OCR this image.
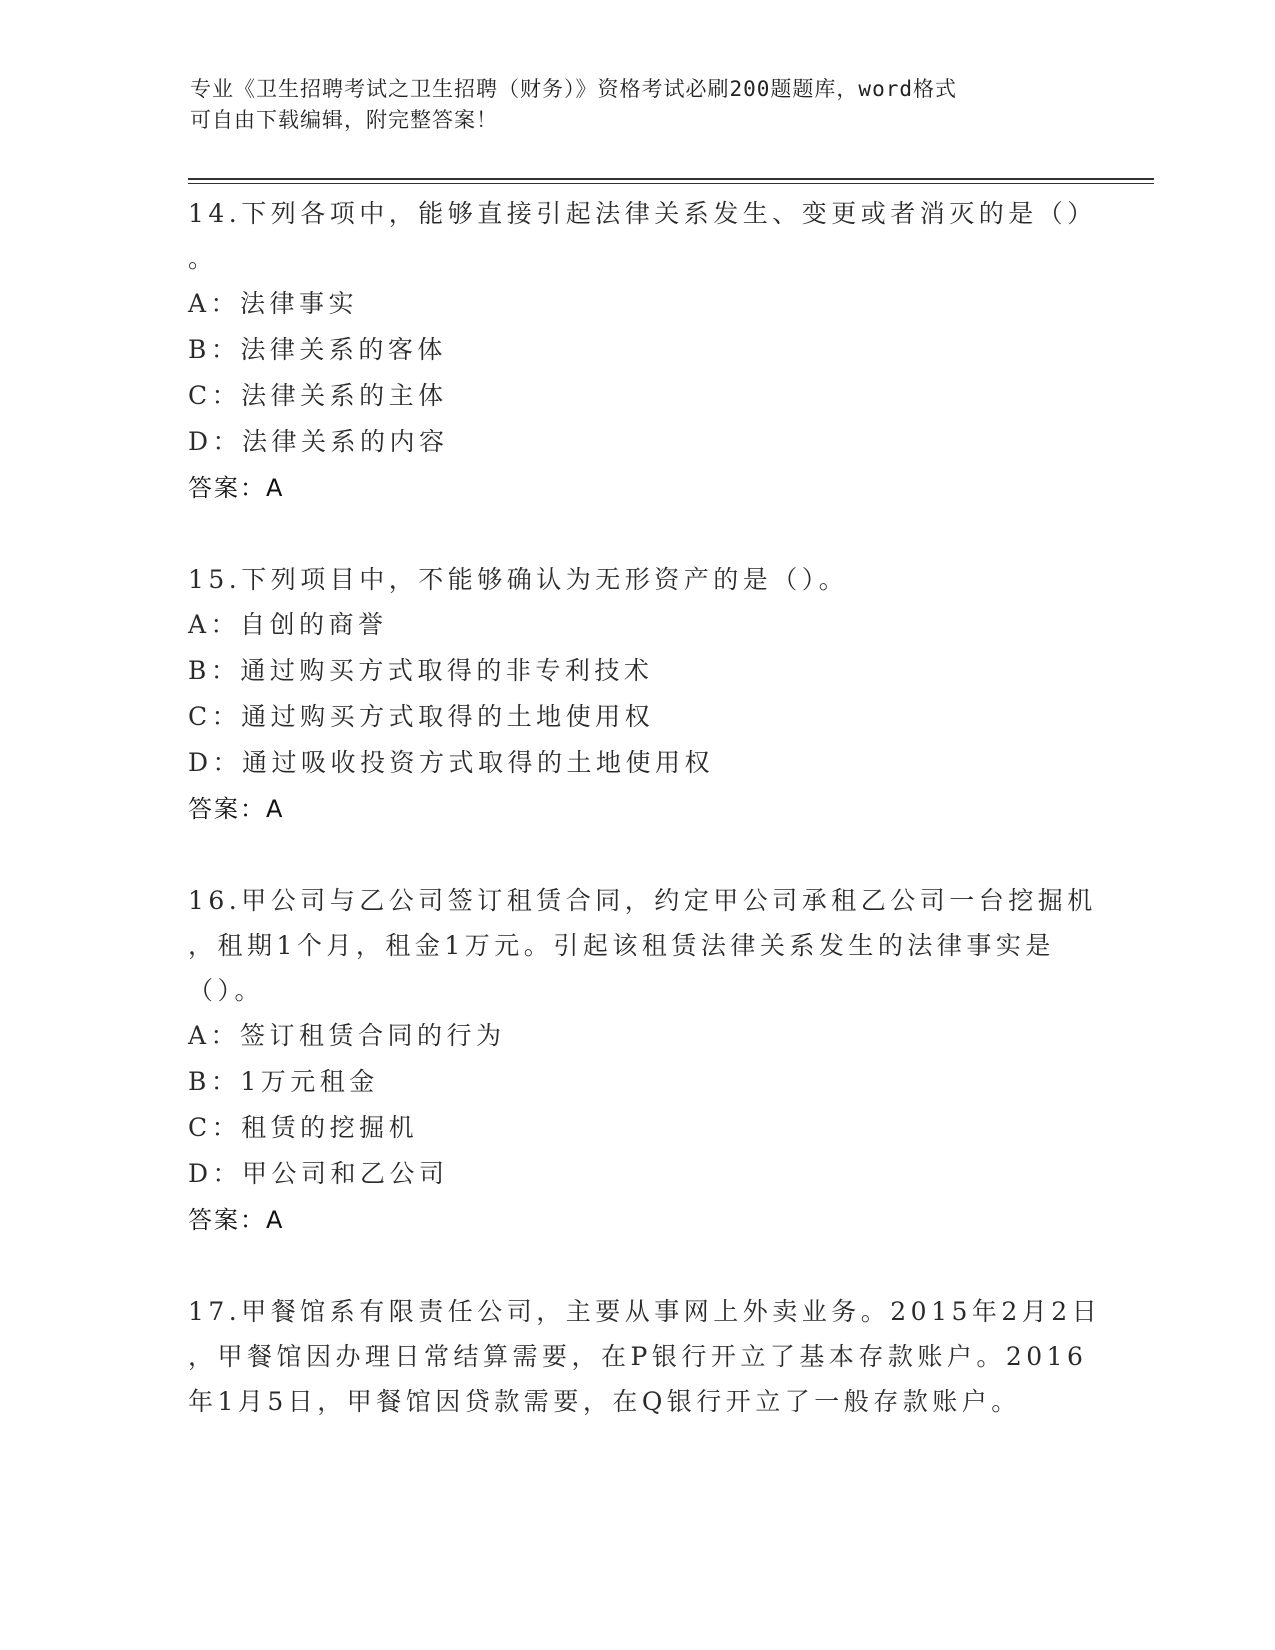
专业《卫生招聘考试之卫生招聘（财务）》资格考试必刷200题题库，word格式
可自由下载编辑，附完整答案！
14.下列各项中，能够直接引起法律关系发生、变更或者消灭的是（）
。
A：法律事实
B：法律关系的客体
C：法律关系的主体
D：法律关系的内容
答案：A
15.下列项目中，不能够确认为无形资产的是（）。
A：自创的商誉
B：通过购买方式取得的非专利技术
C：通过购买方式取得的土地使用权
D：通过吸收投资方式取得的土地使用权
答案：A
16.甲公司与乙公司签订租赁合同，约定甲公司承租乙公司一台挖掘机
，租期1个月，租金1万元。引起该租赁法律关系发生的法律事实是
（）。
A：签订租赁合同的行为
B：1万元租金
C：租赁的挖掘机
D：甲公司和乙公司
答案：A
17.甲餐馆系有限责任公司，主要从事网上外卖业务。2015年2月2日
，甲餐馆因办理日常结算需要，在P银行开立了基本存款账户。2016
年1月5日，甲餐馆因贷款需要，在Q银行开立了一般存款账户。
